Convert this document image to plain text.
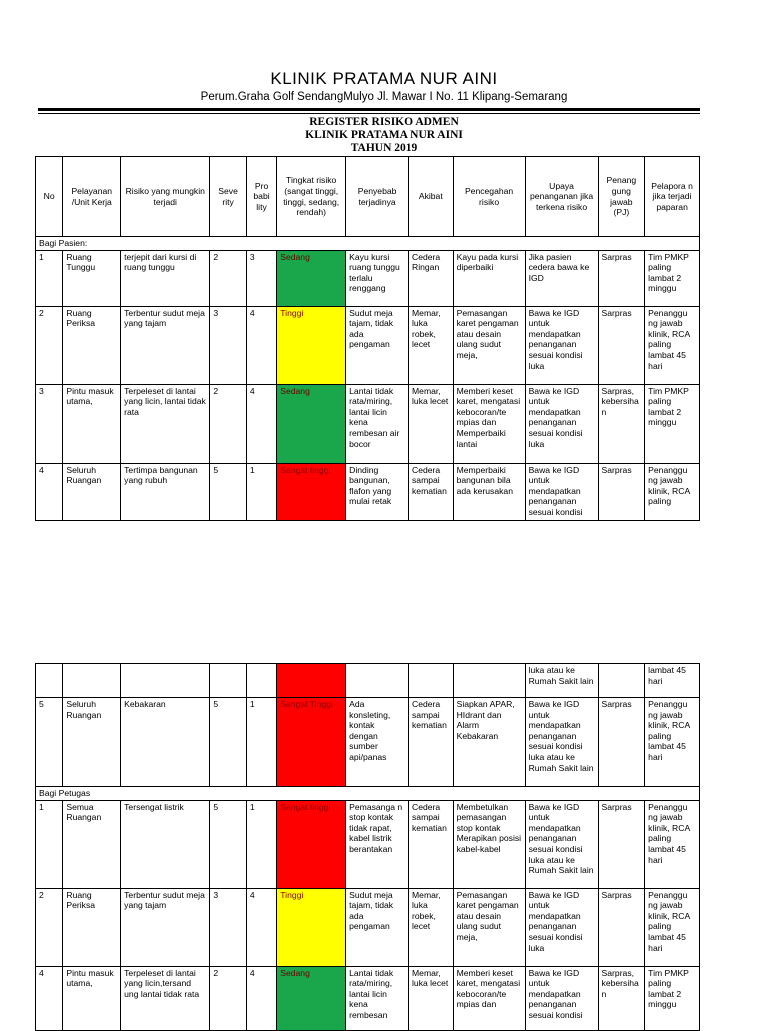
KLINIK PRATAMA NUR AINI
Perum.Graha Golf SendangMulyo Jl. Mawar I No. 11 Klipang-Semarang
REGISTER RISIKO ADMEN
KLINIK PRATAMA NUR AINI
TAHUN 2019
No	Pelayanan /Unit Kerja	Risiko yang mungkin terjadi	Seve rity	Pro babi lity	Tingkat risiko (sangat tinggi, tinggi, sedang, rendah)	Penyebab terjadinya	Akibat	Pencegahan risiko	Upaya penanganan jika terkena risiko	Penang gung jawab (PJ)	Pelapora n jika terjadi paparan
Bagi Pasien:											
1	Ruang Tunggu	terjepit dari kursi di ruang tunggu	2	3	Sedang	Kayu kursi ruang tunggu terlalu renggang	Cedera Ringan	Kayu pada kursi diperbaiki	Jika pasien cedera bawa ke IGD	Sarpras	Tim PMKP paling lambat 2 minggu
2	Ruang Periksa	Terbentur sudut meja yang tajam	3	4	Tinggi	Sudut meja tajam, tidak ada pengaman	Memar, luka robek, lecet	Pemasangan karet pengaman atau desain ulang sudut meja,	Bawa ke IGD untuk mendapatkan penanganan sesuai kondisi luka	Sarpras	Penanggu ng jawab klinik, RCA paling lambat 45 hari
3	Pintu masuk utama,	Terpeleset di lantai yang licin, lantai tidak rata	2	4	Sedang	Lantai tidak rata/miring, lantai licin kena rembesan air bocor	Memar, luka lecet	Memberi keset karet, mengatasi kebocoran/te mpias dan Memperbaiki lantai	Bawa ke IGD untuk mendapatkan penanganan sesuai kondisi luka	Sarpras, kebersiha n	Tim PMKP paling lambat 2 minggu
4	Seluruh Ruangan	Tertimpa bangunan yang rubuh	5	1	Sangat tinggi	Dinding bangunan, flafon yang mulai retak	Cedera sampai kematian	Memperbaiki bangunan bila ada kerusakan	Bawa ke IGD untuk mendapatkan penanganan sesuai kondisi	Sarpras	Penanggu ng jawab klinik, RCA paling
									luka atau ke Rumah Sakit lain		lambat 45 hari
5	Seluruh Ruangan	Kebakaran	5	1	Sangat Tinggi	Ada konsleting, kontak dengan sumber api/panas	Cedera sampai kematian	Siapkan APAR, HIdrant dan Alarm Kebakaran	Bawa ke IGD untuk mendapatkan penanganan sesuai kondisi luka atau ke Rumah Sakit lain	Sarpras	Penanggu ng jawab klinik, RCA paling lambat 45 hari
Bagi Petugas											
1	Semua Ruangan	Tersengat listrik	5	1	Sangat tinggi	Pemasanga n stop kontak tidak rapat, kabel listrik berantakan	Cedera sampai kematian	Membetulkan pemasangan stop kontak Merapikan posisi kabel-kabel	Bawa ke IGD untuk mendapatkan penanganan sesuai kondisi luka atau ke Rumah Sakit lain	Sarpras	Penanggu ng jawab klinik, RCA paling lambat 45 hari
2	Ruang Periksa	Terbentur sudut meja yang tajam	3	4	Tinggi	Sudut meja tajam, tidak ada pengaman	Memar, luka robek, lecet	Pemasangan karet pengaman atau desain ulang sudut meja,	Bawa ke IGD untuk mendapatkan penanganan sesuai kondisi luka	Sarpras	Penanggu ng jawab klinik, RCA paling lambat 45 hari
4	Pintu masuk utama,	Terpeleset di lantai yang licin,tersand ung lantai tidak rata	2	4	Sedang	Lantai tidak rata/miring, lantai licin kena rembesan	Memar, luka lecet	Memberi keset karet, mengatasi kebocoran/te mpias dan	Bawa ke IGD untuk mendapatkan penanganan sesuai kondisi	Sarpras, kebersiha n	Tim PMKP paling lambat 2 minggu
